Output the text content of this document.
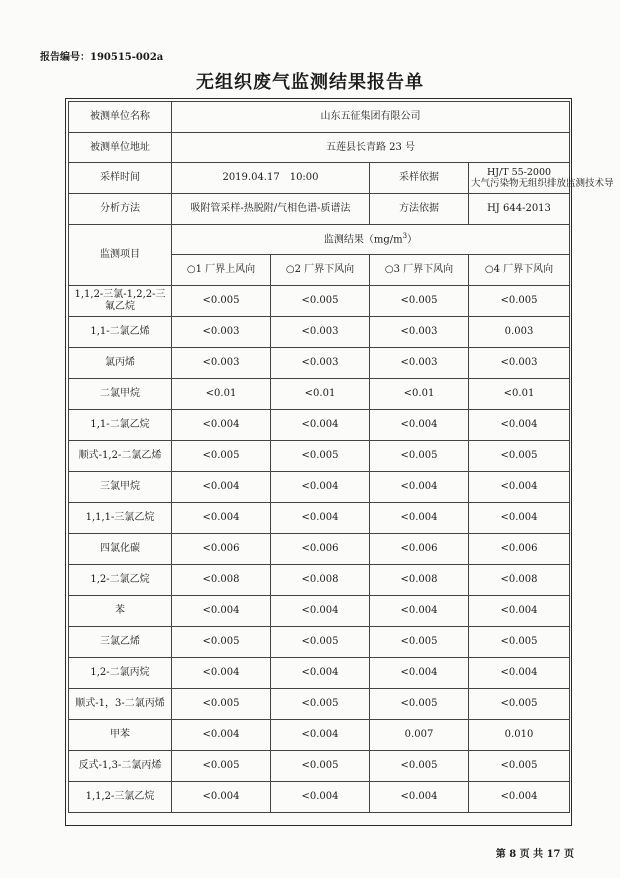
报告编号：190515-002a
无组织废气监测结果报告单
被测单位名称	山东五征集团有限公司			
被测单位地址	五莲县长青路 23 号			
采样时间	2019.04.17　10:00		采样依据	HJ/T 55-2000
大气污染物无组织排放监测技术导

分析方法	吸附管采样-热脱附/气相色谱-质谱法		方法依据	HJ 644-2013
监测项目	监测结果$(mg/m^3)$			
	○1 厂界上风向	○2 厂界下风向	○3 厂界下风向	○4 厂界下风向
1,1,2-三氯-1,2,2-三氟乙烷	<0.005	<0.005	<0.005	<0.005
1,1-二氯乙烯	<0.003	<0.003	<0.003	0.003
氯丙烯	<0.003	<0.003	<0.003	<0.003
二氯甲烷	<0.01	<0.01	<0.01	<0.01
1,1-二氯乙烷	<0.004	<0.004	<0.004	<0.004
顺式-1,2-二氯乙烯	<0.005	<0.005	<0.005	<0.005
三氯甲烷	<0.004	<0.004	<0.004	<0.004
1,1,1-三氯乙烷	<0.004	<0.004	<0.004	<0.004
四氯化碳	<0.006	<0.006	<0.006	<0.006
1,2-二氯乙烷	<0.008	<0.008	<0.008	<0.008
苯	<0.004	<0.004	<0.004	<0.004
三氯乙烯	<0.005	<0.005	<0.005	<0.005
1,2-二氯丙烷	<0.004	<0.004	<0.004	<0.004
顺式-1，3-二氯丙烯	<0.005	<0.005	<0.005	<0.005
甲苯	<0.004	<0.004	0.007	0.010
反式-1,3-二氯丙烯	<0.005	<0.005	<0.005	<0.005
1,1,2-三氯乙烷	<0.004	<0.004	<0.004	<0.004
第 8 页 共 17 页
